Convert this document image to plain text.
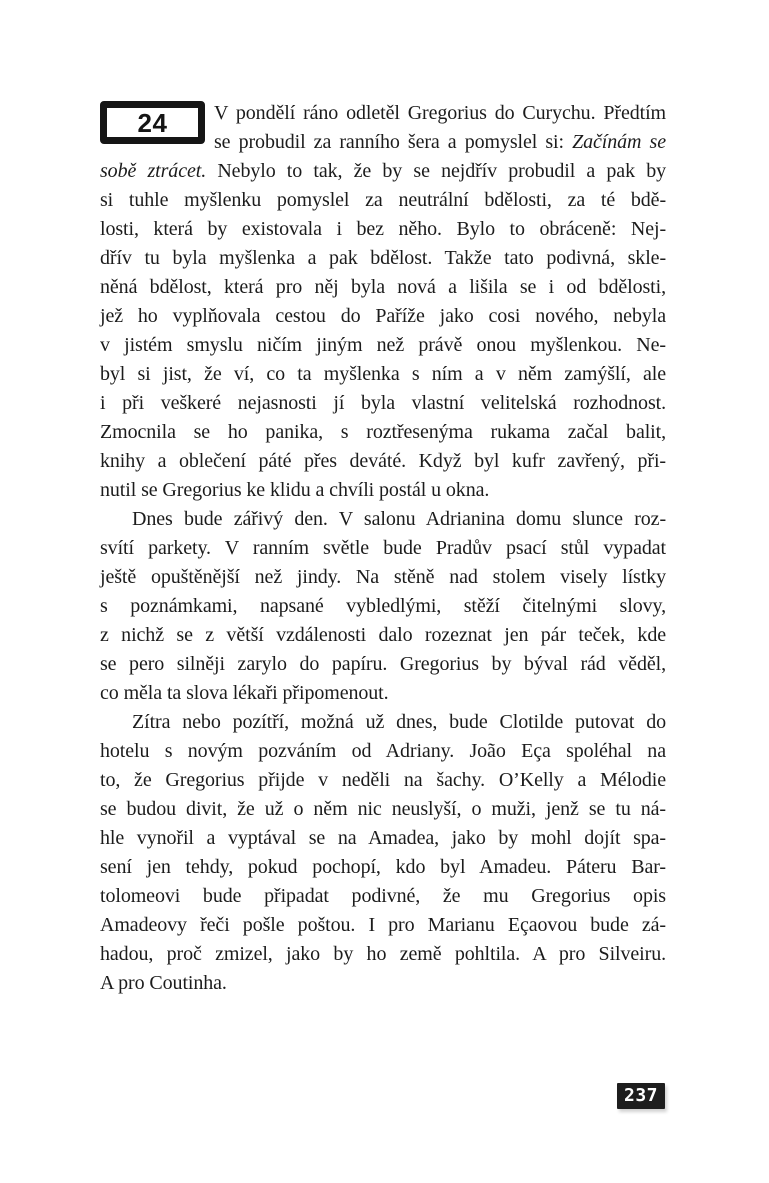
24	V pondělí ráno odletěl Gregorius do Curychu. Předtím
se probudil za ranního šera a pomyslel si: Začínám se
sobě ztrácet. Nebylo to tak, že by se nejdřív probudil a pak by
si tuhle myšlenku pomyslel za neutrální bdělosti, za té bdě-
losti, která by existovala i bez něho. Bylo to obráceně: Nej-
dřív tu byla myšlenka a pak bdělost. Takže tato podivná, skle-
něná bdělost, která pro něj byla nová a lišila se i od bdělosti,
jež ho vyplňovala cestou do Paříže jako cosi nového, nebyla
v jistém smyslu ničím jiným než právě onou myšlenkou. Ne-
byl si jist, že ví, co ta myšlenka s ním a v něm zamýšlí, ale
i při veškeré nejasnosti jí byla vlastní velitelská rozhodnost.
Zmocnila se ho panika, s roztřesenýma rukama začal balit,
knihy a oblečení páté přes deváté. Když byl kufr zavřený, při-
nutil se Gregorius ke klidu a chvíli postál u okna.
Dnes bude zářivý den. V salonu Adrianina domu slunce roz-
svítí parkety. V ranním světle bude Pradův psací stůl vypadat
ještě opuštěnější než jindy. Na stěně nad stolem visely lístky
s poznámkami, napsané vybledlými, stěží čitelnými slovy,
z nichž se z větší vzdálenosti dalo rozeznat jen pár teček, kde
se pero silněji zarylo do papíru. Gregorius by býval rád věděl,
co měla ta slova lékaři připomenout.
Zítra nebo pozítří, možná už dnes, bude Clotilde putovat do
hotelu s novým pozváním od Adriany. João Eça spoléhal na
to, že Gregorius přijde v neděli na šachy. O’Kelly a Mélodie
se budou divit, že už o něm nic neuslyší, o muži, jenž se tu ná-
hle vynořil a vyptával se na Amadea, jako by mohl dojít spa-
sení jen tehdy, pokud pochopí, kdo byl Amadeu. Páteru Bar-
tolomeovi bude připadat podivné, že mu Gregorius opis
Amadeovy řeči pošle poštou. I pro Marianu Eçaovou bude zá-
hadou, proč zmizel, jako by ho země pohltila. A pro Silveiru.
A pro Coutinha.
237
